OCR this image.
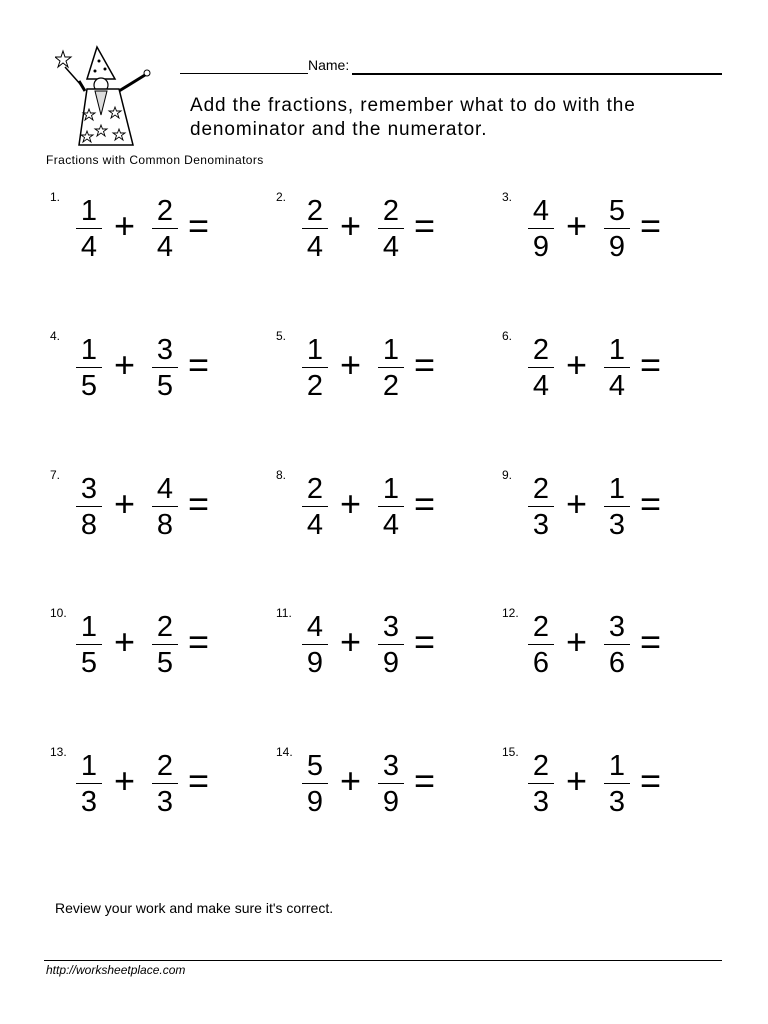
Name:
Add the fractions, remember what to do with the denominator and the numerator.
Fractions with Common Denominators
1. 1
4
+ 2
4
=
2. 2
4
+ 2
4
=
3. 4
9
+ 5
9
=
4. 1
5
+ 3
5
=
5. 1
2
+ 1
2
=
6. 2
4
+ 1
4
=
7. 3
8
+ 4
8
=
8. 2
4
+ 1
4
=
9. 2
3
+ 1
3
=
10. 1
5
+ 2
5
=
11. 4
9
+ 3
9
=
12. 2
6
+ 3
6
=
13. 1
3
+ 2
3
=
14. 5
9
+ 3
9
=
15. 2
3
+ 1
3
=
Review your work and make sure it's correct.
http://worksheetplace.com
